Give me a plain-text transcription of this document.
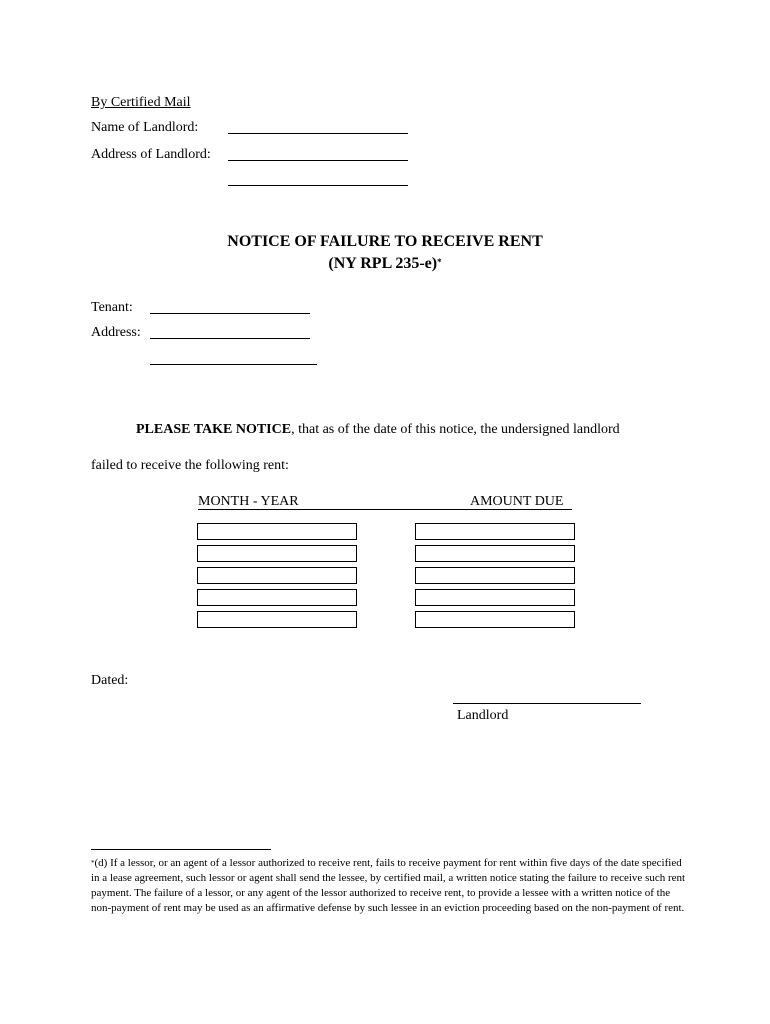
By Certified Mail
Name of Landlord:
Address of Landlord:
NOTICE OF FAILURE TO RECEIVE RENT
(NY RPL 235-e)*
Tenant:
Address:
PLEASE TAKE NOTICE, that as of the date of this notice, the undersigned landlord
failed to receive the following rent:
MONTH - YEAR	AMOUNT DUE
Dated:
Landlord
*(d) If a lessor, or an agent of a lessor authorized to receive rent, fails to receive payment for rent within five days of the date specified in a lease agreement, such lessor or agent shall send the lessee, by certified mail, a written notice stating the failure to receive such rent payment. The failure of a lessor, or any agent of the lessor authorized to receive rent, to provide a lessee with a written notice of the non-payment of rent may be used as an affirmative defense by such lessee in an eviction proceeding based on the non-payment of rent.
